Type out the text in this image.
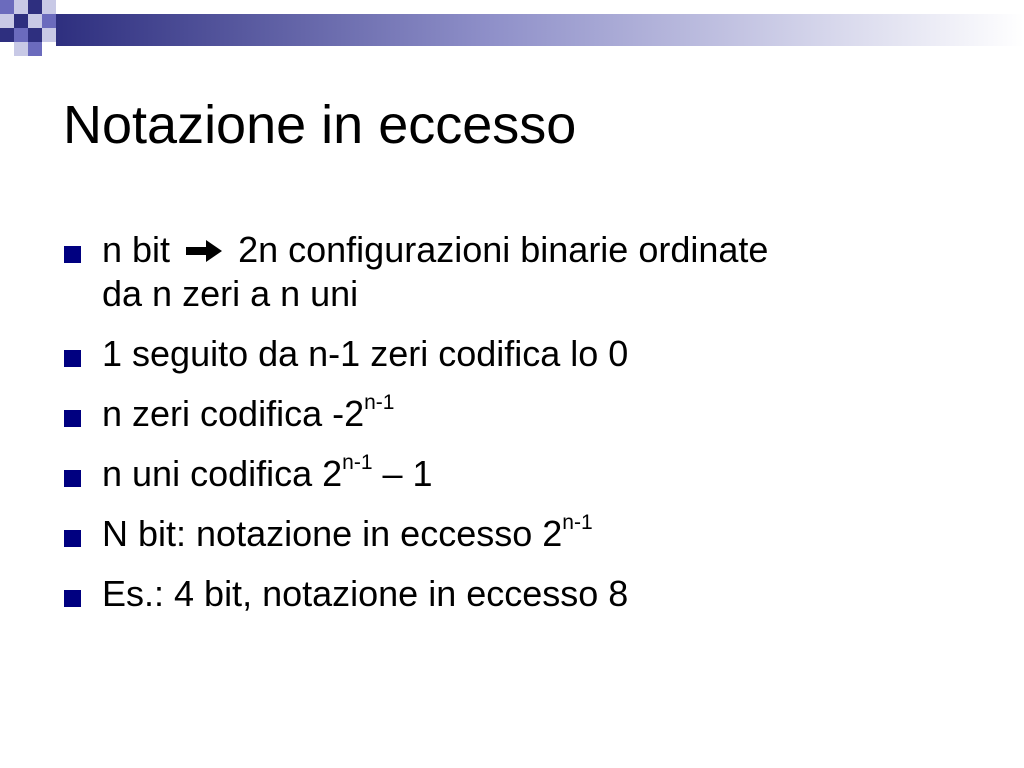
Notazione in eccesso
n bit 2n configurazioni binarie ordinate
da n zeri a n uni
1 seguito da n-1 zeri codifica lo 0
n zeri codifica -2$^{n-1}$
n uni codifica 2$^{n-1}$ – 1
N bit: notazione in eccesso 2$^{n-1}$
Es.: 4 bit, notazione in eccesso 8
